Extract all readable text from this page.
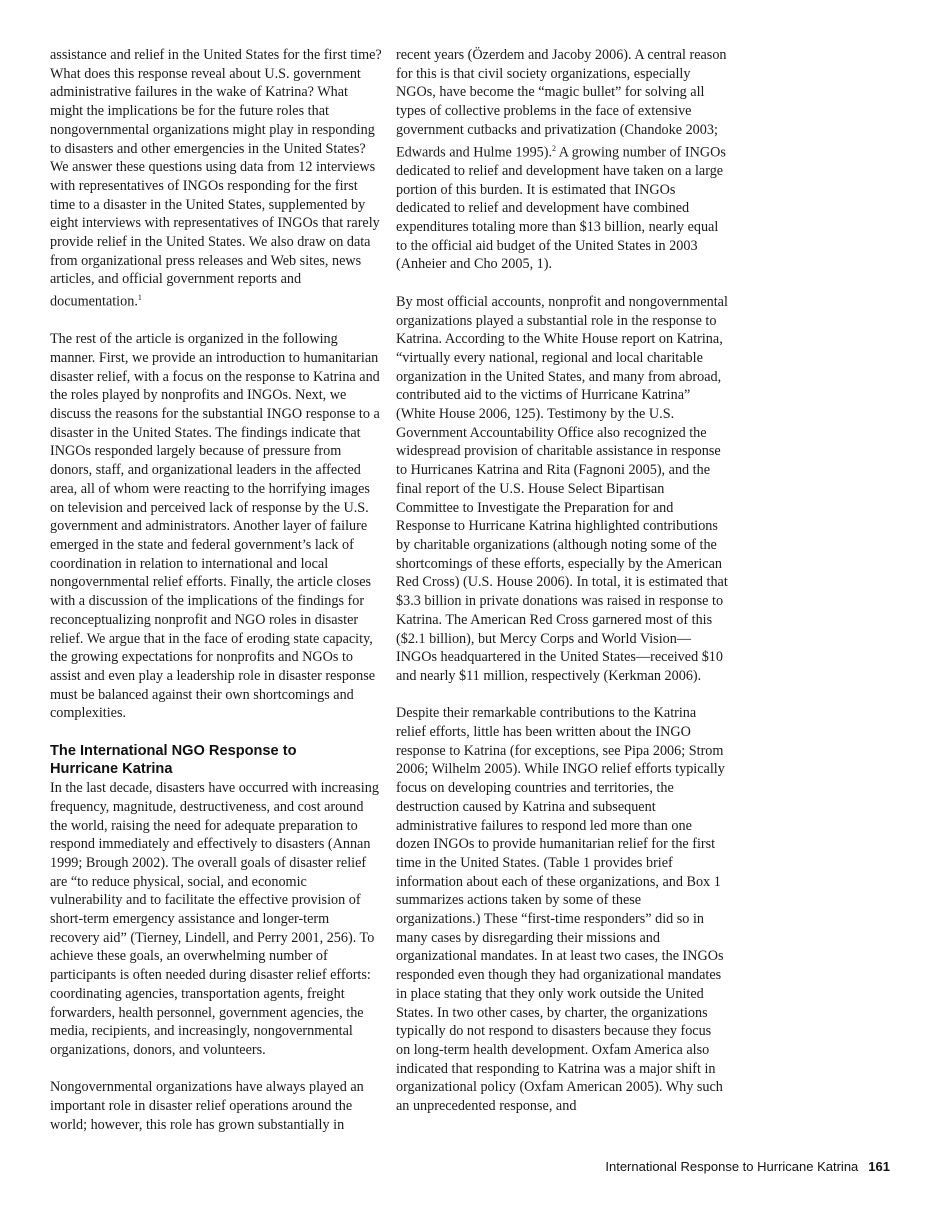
assistance and relief in the United States for the first time? What does this response reveal about U.S. government administrative failures in the wake of Katrina? What might the implications be for the future roles that nongovernmental organizations might play in responding to disasters and other emergencies in the United States? We answer these questions using data from 12 interviews with representatives of INGOs responding for the first time to a disaster in the United States, supplemented by eight interviews with representatives of INGOs that rarely provide relief in the United States. We also draw on data from organizational press releases and Web sites, news articles, and official government reports and documentation.$^1$

The rest of the article is organized in the following manner. First, we provide an introduction to humanitarian disaster relief, with a focus on the response to Katrina and the roles played by nonprofits and INGOs. Next, we discuss the reasons for the substantial INGO response to a disaster in the United States. The findings indicate that INGOs responded largely because of pressure from donors, staff, and organizational leaders in the affected area, all of whom were reacting to the horrifying images on television and perceived lack of response by the U.S. government and administrators. Another layer of failure emerged in the state and federal government’s lack of coordination in relation to international and local nongovernmental relief efforts. Finally, the article closes with a discussion of the implications of the findings for reconceptualizing nonprofit and NGO roles in disaster relief. We argue that in the face of eroding state capacity, the growing expectations for nonprofits and NGOs to assist and even play a leadership role in disaster response must be balanced against their own shortcomings and complexities.

The International NGO Response to
Hurricane Katrina

In the last decade, disasters have occurred with increasing frequency, magnitude, destructiveness, and cost around the world, raising the need for adequate preparation to respond immediately and effectively to disasters (Annan 1999; Brough 2002). The overall goals of disaster relief are “to reduce physical, social, and economic vulnerability and to facilitate the effective provision of short-term emergency assistance and longer-term recovery aid” (Tierney, Lindell, and Perry 2001, 256). To achieve these goals, an overwhelming number of participants is often needed during disaster relief efforts: coordinating agencies, transportation agents, freight forwarders, health personnel, government agencies, the media, recipients, and increasingly, nongovernmental organizations, donors, and volunteers.

Nongovernmental organizations have always played an important role in disaster relief operations around the world; however, this role has grown substantially in

recent years (Özerdem and Jacoby 2006). A central reason for this is that civil society organizations, especially NGOs, have become the “magic bullet” for solving all types of collective problems in the face of extensive government cutbacks and privatization (Chandoke 2003; Edwards and Hulme 1995).$^2$ A growing number of INGOs dedicated to relief and development have taken on a large portion of this burden. It is estimated that INGOs dedicated to relief and development have combined expenditures totaling more than $13 billion, nearly equal to the official aid budget of the United States in 2003 (Anheier and Cho 2005, 1).

By most official accounts, nonprofit and nongovernmental organizations played a substantial role in the response to Katrina. According to the White House report on Katrina, “virtually every national, regional and local charitable organization in the United States, and many from abroad, contributed aid to the victims of Hurricane Katrina” (White House 2006, 125). Testimony by the U.S. Government Accountability Office also recognized the widespread provision of charitable assistance in response to Hurricanes Katrina and Rita (Fagnoni 2005), and the final report of the U.S. House Select Bipartisan Committee to Investigate the Preparation for and Response to Hurricane Katrina highlighted contributions by charitable organizations (although noting some of the shortcomings of these efforts, especially by the American Red Cross) (U.S. House 2006). In total, it is estimated that $3.3 billion in private donations was raised in response to Katrina. The American Red Cross garnered most of this ($2.1 billion), but Mercy Corps and World Vision—INGOs headquartered in the United States—received $10 and nearly $11 million, respectively (Kerkman 2006).

Despite their remarkable contributions to the Katrina relief efforts, little has been written about the INGO response to Katrina (for exceptions, see Pipa 2006; Strom 2006; Wilhelm 2005). While INGO relief efforts typically focus on developing countries and territories, the destruction caused by Katrina and subsequent administrative failures to respond led more than one dozen INGOs to provide humanitarian relief for the first time in the United States. (Table 1 provides brief information about each of these organizations, and Box 1 summarizes actions taken by some of these organizations.) These “first-time responders” did so in many cases by disregarding their missions and organizational mandates. In at least two cases, the INGOs responded even though they had organizational mandates in place stating that they only work outside the United States. In two other cases, by charter, the organizations typically do not respond to disasters because they focus on long-term health development. Oxfam America also indicated that responding to Katrina was a major shift in organizational policy (Oxfam American 2005). Why such an unprecedented response, and

International Response to Hurricane Katrina 161
